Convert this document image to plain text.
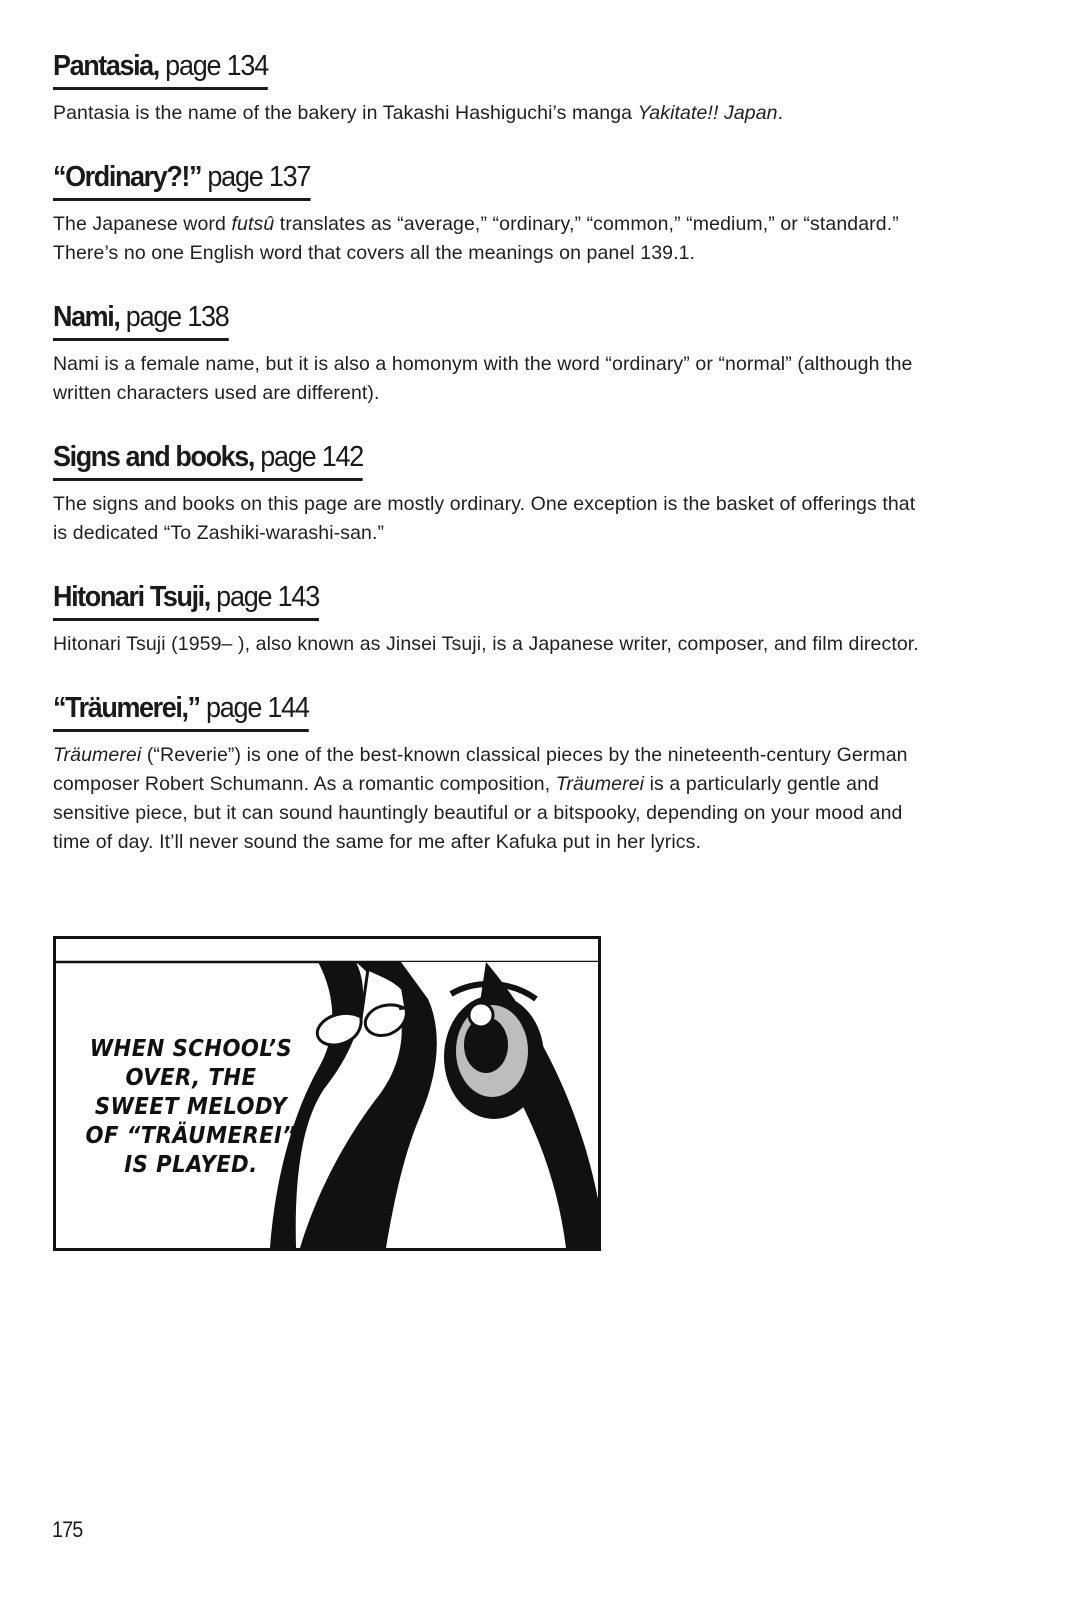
Pantasia, page 134

Pantasia is the name of the bakery in Takashi Hashiguchi’s manga Yakitate!! Japan.

“Ordinary?!” page 137

The Japanese word futsû translates as “average,” “ordinary,” “common,” “medium,” or “standard.” There’s no one English word that covers all the meanings on panel 139.1.

Nami, page 138

Nami is a female name, but it is also a homonym with the word “ordinary” or “normal” (although the written characters used are different).

Signs and books, page 142

The signs and books on this page are mostly ordinary. One exception is the basket of offerings that is dedicated “To Zashiki-warashi-san.”

Hitonari Tsuji, page 143

Hitonari Tsuji (1959– ), also known as Jinsei Tsuji, is a Japanese writer, composer, and film director.

“Träumerei,” page 144

Träumerei (“Reverie”) is one of the best-known classical pieces by the nineteenth-century German composer Robert Schumann. As a romantic composition, Träumerei is a particularly gentle and sensitive piece, but it can sound hauntingly beautiful or a bitspooky, depending on your mood and time of day. It’ll never sound the same for me after Kafuka put in her lyrics.

WHEN SCHOOL’S
OVER, THE
SWEET MELODY
OF “TRÄUMEREI”
IS PLAYED.

175
